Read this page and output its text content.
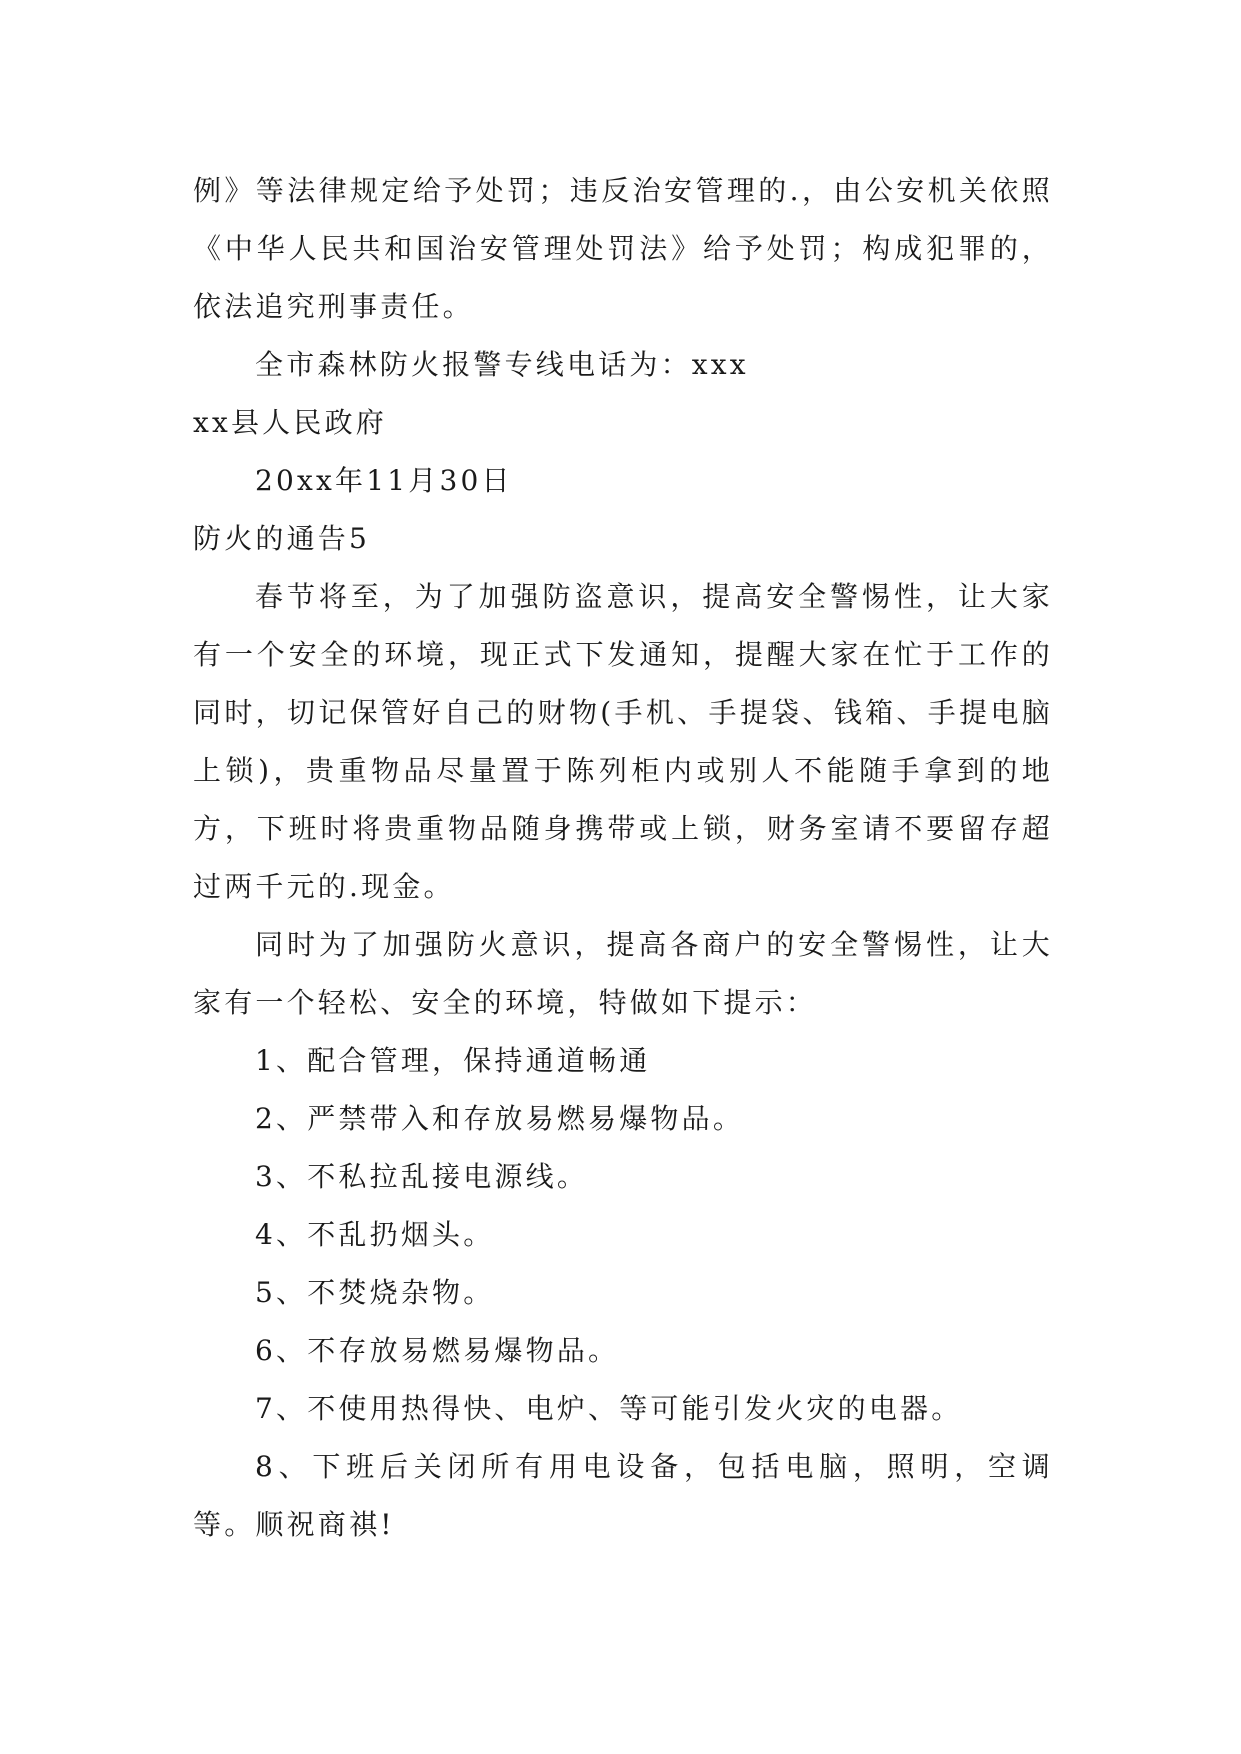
例》等法律规定给予处罚；违反治安管理的.，由公安机关依照《中华人民共和国治安管理处罚法》给予处罚；构成犯罪的，依法追究刑事责任。

全市森林防火报警专线电话为：xxx

xx县人民政府

20xx年11月30日

防火的通告5

春节将至，为了加强防盗意识，提高安全警惕性，让大家有一个安全的环境，现正式下发通知，提醒大家在忙于工作的同时，切记保管好自己的财物(手机、手提袋、钱箱、手提电脑上锁)，贵重物品尽量置于陈列柜内或别人不能随手拿到的地方，下班时将贵重物品随身携带或上锁，财务室请不要留存超过两千元的.现金。

同时为了加强防火意识，提高各商户的安全警惕性，让大家有一个轻松、安全的环境，特做如下提示：

1、配合管理，保持通道畅通

2、严禁带入和存放易燃易爆物品。

3、不私拉乱接电源线。

4、不乱扔烟头。

5、不焚烧杂物。

6、不存放易燃易爆物品。

7、不使用热得快、电炉、等可能引发火灾的电器。

8、下班后关闭所有用电设备，包括电脑，照明，空调等。顺祝商祺!
